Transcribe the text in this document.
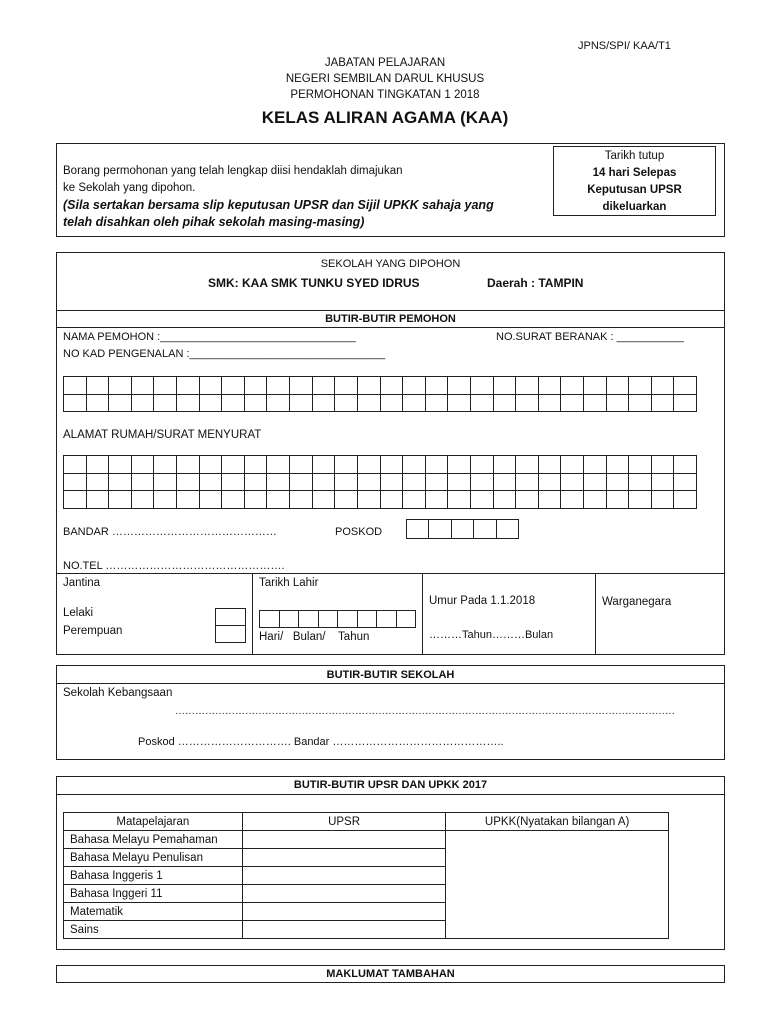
JPNS/SPI/ KAA/T1
JABATAN PELAJARAN
NEGERI SEMBILAN DARUL KHUSUS
PERMOHONAN TINGKATAN 1 2018
KELAS ALIRAN AGAMA (KAA)
Borang permohonan yang telah lengkap diisi hendaklah dimajukan
ke Sekolah yang dipohon.
(Sila sertakan bersama slip keputusan UPSR dan Sijil UPKK sahaja yang
telah disahkan oleh pihak sekolah masing-masing)
Tarikh tutup
14 hari Selepas
Keputusan UPSR
dikeluarkan
SEKOLAH YANG DIPOHON
SMK: KAA SMK TUNKU SYED IDRUS	Daerah : TAMPIN
BUTIR-BUTIR PEMOHON
NAMA PEMOHON :________________________________	NO.SURAT BERANAK : ___________
NO KAD PENGENALAN :________________________________
ALAMAT RUMAH/SURAT MENYURAT
BANDAR ………………………………………	POSKOD
NO.TEL ………………………………………….
Jantina
Lelaki
Perempuan
Tarikh Lahir
Hari/   Bulan/    Tahun
Umur Pada 1.1.2018
………Tahun………Bulan
Warganegara
BUTIR-BUTIR SEKOLAH
Sekolah Kebangsaan
……………………………………………………………………………………………………………………………………
Poskod …………………………. Bandar ………………………………………..
BUTIR-BUTIR UPSR DAN UPKK 2017
Matapelajaran	UPSR	UPKK(Nyatakan bilangan A)
Bahasa Melayu Pemahaman		
Bahasa Melayu Penulisan		
Bahasa Inggeris 1		
Bahasa Inggeri 11		
Matematik		
Sains		
MAKLUMAT TAMBAHAN
